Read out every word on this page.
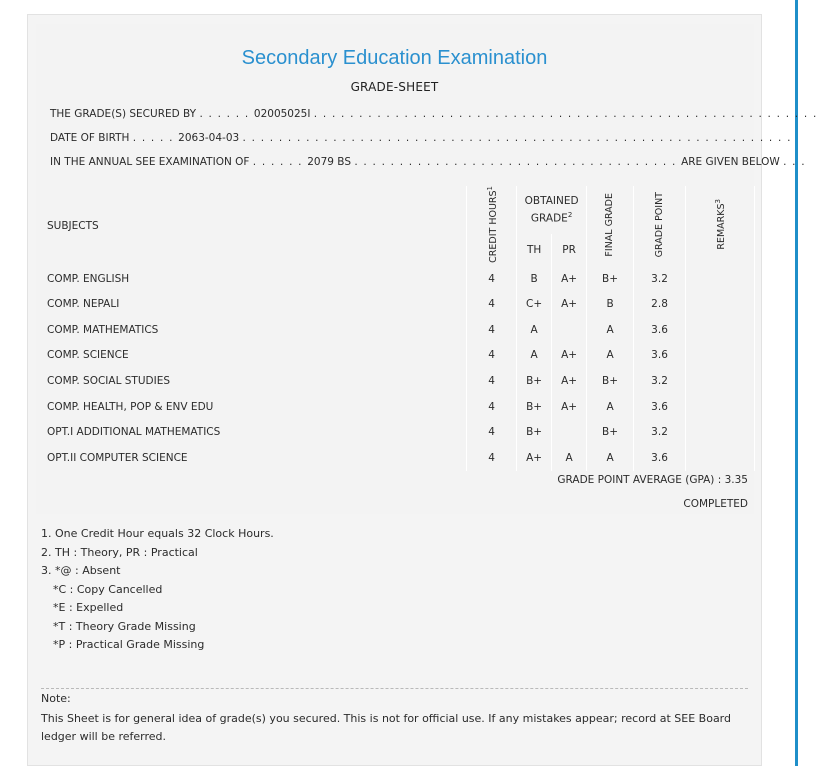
Secondary Education Examination
GRADE-SHEET
THE GRADE(S) SECURED BY . . . . . . 02005025I . . . . . . . . . . . . . . . . . . . . . . . . . . . . . . . . . . . . . . . . . . . . . . . . . . . . . . . .
DATE OF BIRTH . . . . . 2063-04-03 . . . . . . . . . . . . . . . . . . . . . . . . . . . . . . . . . . . . . . . . . . . . . . . . . . . . . . . . . . . . .
IN THE ANNUAL SEE EXAMINATION OF . . . . . . 2079 BS . . . . . . . . . . . . . . . . . . . . . . . . . . . . . . . . . . . . ARE GIVEN BELOW . . .
SUBJECTS	CREDIT HOURS$^1$	OBTAINED GRADE$^2$		FINAL GRADE	GRADE POINT	REMARKS$^3$
		TH	PR			
COMP. ENGLISH	4	B	A+	B+	3.2	
COMP. NEPALI	4	C+	A+	B	2.8	
COMP. MATHEMATICS	4	A		A	3.6	
COMP. SCIENCE	4	A	A+	A	3.6	
COMP. SOCIAL STUDIES	4	B+	A+	B+	3.2	
COMP. HEALTH, POP & ENV EDU	4	B+	A+	A	3.6	
OPT.I ADDITIONAL MATHEMATICS	4	B+		B+	3.2	
OPT.II COMPUTER SCIENCE	4	A+	A	A	3.6	
GRADE POINT AVERAGE (GPA) : 3.35
COMPLETED
1. One Credit Hour equals 32 Clock Hours.
2. TH : Theory, PR : Practical
3. *@ : Absent
*C : Copy Cancelled
*E : Expelled
*T : Theory Grade Missing
*P : Practical Grade Missing
Note:
This Sheet is for general idea of grade(s) you secured. This is not for official use. If any mistakes appear; record at SEE Board ledger will be referred.
